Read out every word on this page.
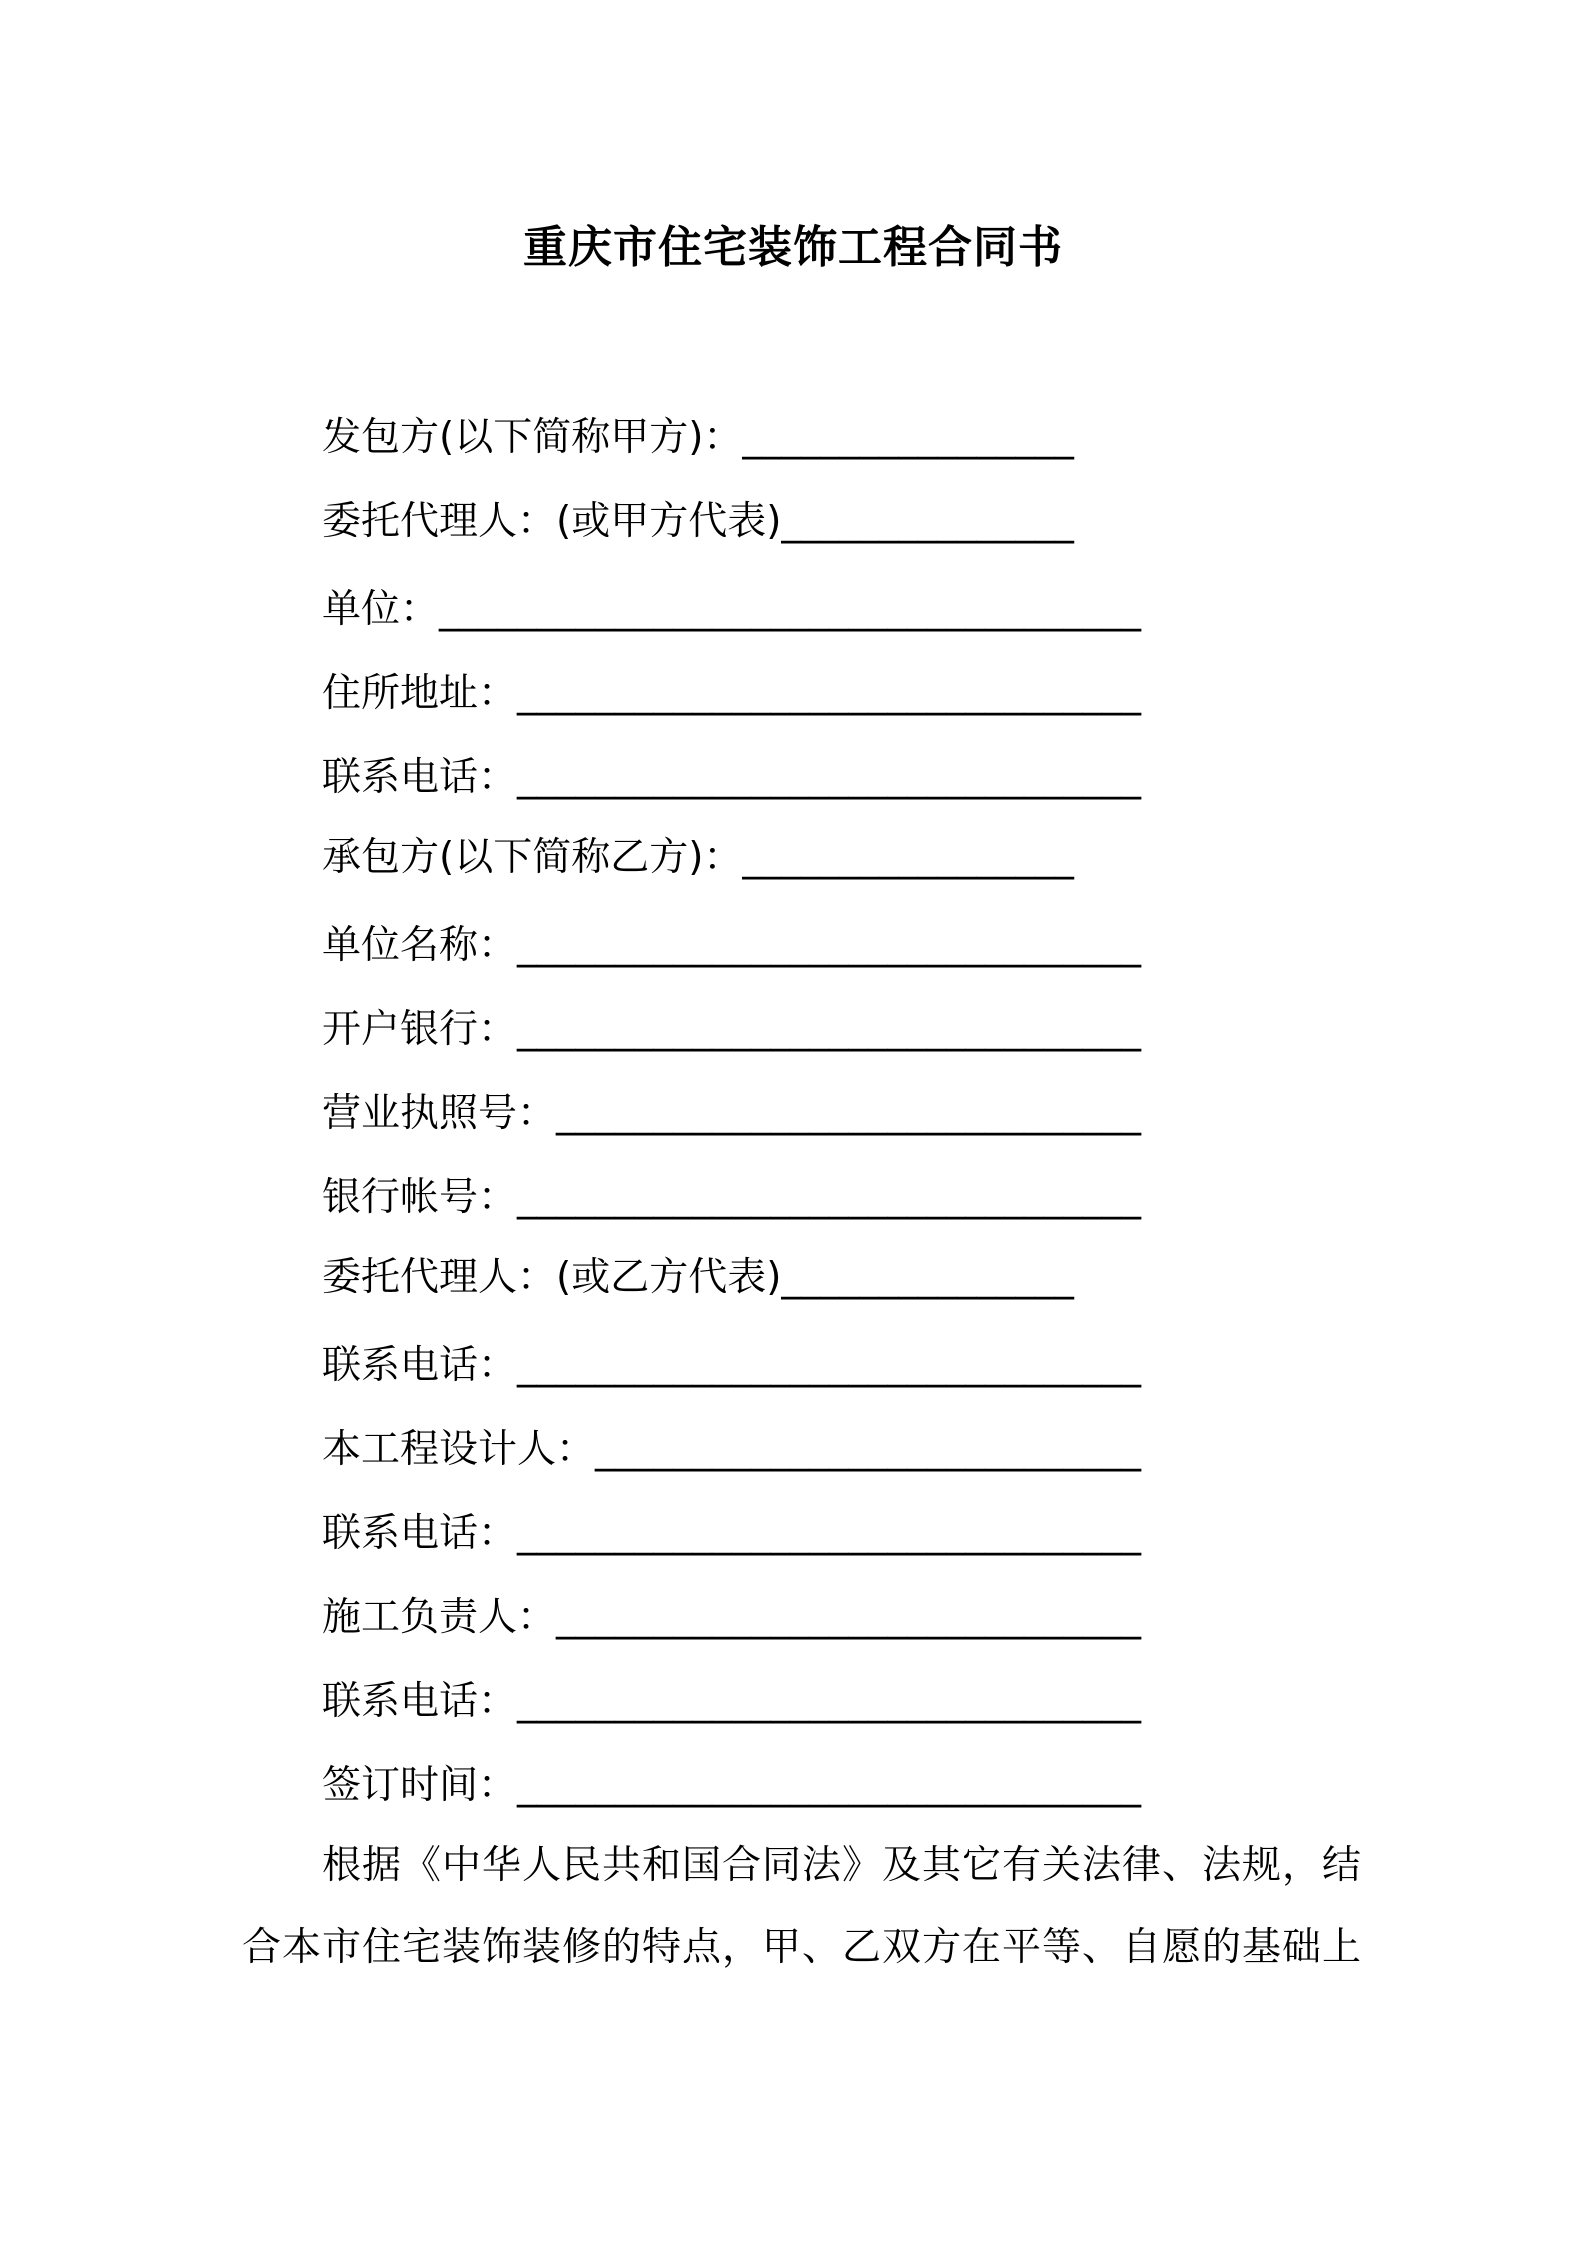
重庆市住宅装饰工程合同书
发包方(以下简称甲方)：_________________
委托代理人：(或甲方代表)_______________
单位：____________________________________
住所地址：________________________________
联系电话：________________________________
承包方(以下简称乙方)：_________________
单位名称：________________________________
开户银行：________________________________
营业执照号：______________________________
银行帐号：________________________________
委托代理人：(或乙方代表)_______________
联系电话：________________________________
本工程设计人：____________________________
联系电话：________________________________
施工负责人：______________________________
联系电话：________________________________
签订时间：________________________________
根据《中华人民共和国合同法》及其它有关法律、法规，结
合本市住宅装饰装修的特点，甲、乙双方在平等、自愿的基础上
